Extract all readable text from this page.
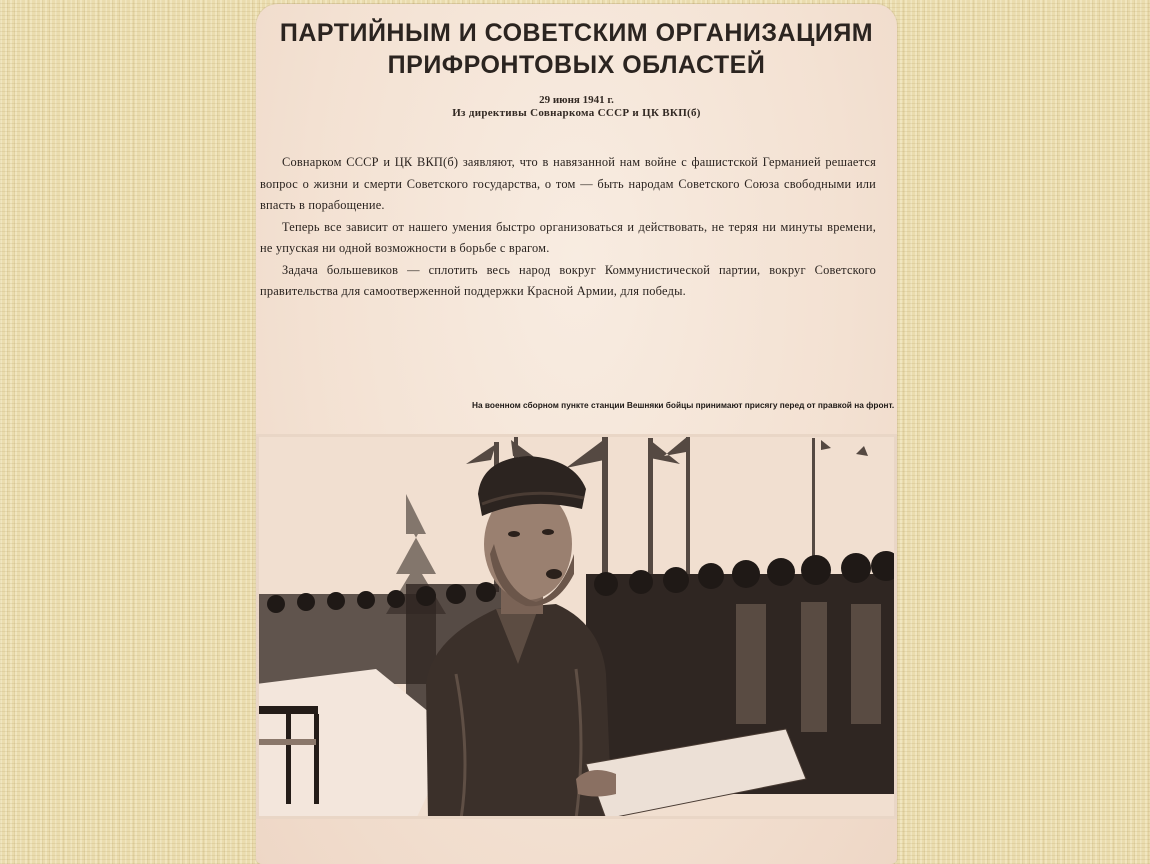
ПАРТИЙНЫМ И СОВЕТСКИМ ОРГАНИЗАЦИЯМ
ПРИФРОНТОВЫХ ОБЛАСТЕЙ
29 июня 1941 г.
Из директивы Совнаркома СССР и ЦК ВКП(б)

Совнарком СССР и ЦК ВКП(б) заявляют, что в навязанной нам войне с фашистской Германией решается вопрос о жизни и смерти Советского государства, о том — быть народам Советского Союза свободными или впасть в порабощение.

Теперь все зависит от нашего умения быстро организоваться и действовать, не теряя ни минуты времени, не упуская ни одной возможности в борьбе с врагом.

Задача большевиков — сплотить весь народ вокруг Коммунистической партии, вокруг Советского правительства для самоотверженной поддержки Красной Армии, для победы.

На военном сборном пункте станции Вешняки бойцы принимают присягу перед от правкой на фронт.
